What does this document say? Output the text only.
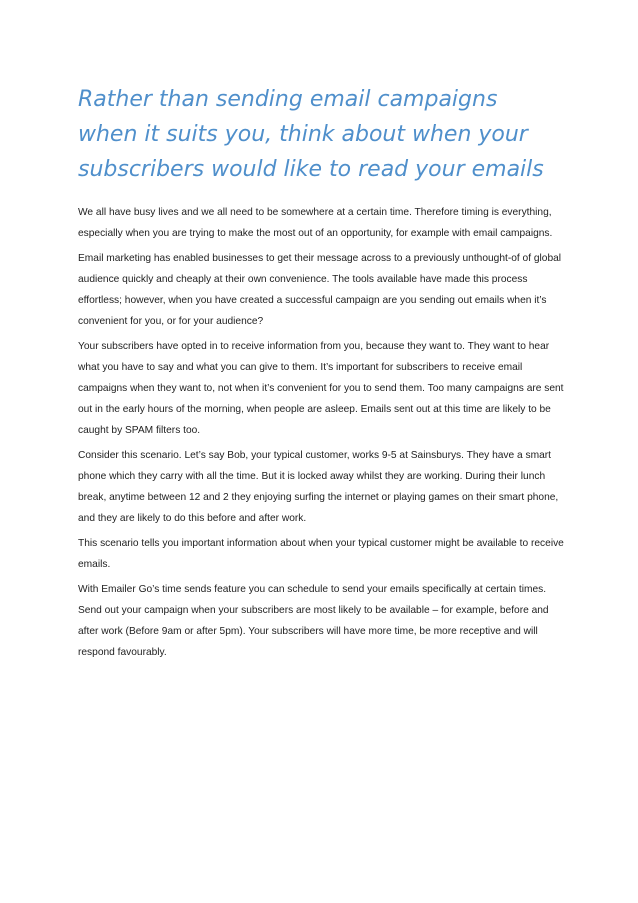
Rather than sending email campaigns when it suits you, think about when your subscribers would like to read your emails

We all have busy lives and we all need to be somewhere at a certain time. Therefore timing is everything, especially when you are trying to make the most out of an opportunity, for example with email campaigns.

Email marketing has enabled businesses to get their message across to a previously unthought-of of global audience quickly and cheaply at their own convenience. The tools available have made this process effortless; however, when you have created a successful campaign are you sending out emails when it’s convenient for you, or for your audience?

Your subscribers have opted in to receive information from you, because they want to. They want to hear what you have to say and what you can give to them. It’s important for subscribers to receive email campaigns when they want to, not when it’s convenient for you to send them. Too many campaigns are sent out in the early hours of the morning, when people are asleep. Emails sent out at this time are likely to be caught by SPAM filters too.

Consider this scenario. Let’s say Bob, your typical customer, works 9-5 at Sainsburys. They have a smart phone which they carry with all the time. But it is locked away whilst they are working. During their lunch break, anytime between 12 and 2 they enjoying surfing the internet or playing games on their smart phone, and they are likely to do this before and after work.

This scenario tells you important information about when your typical customer might be available to receive emails.

With Emailer Go’s time sends feature you can schedule to send your emails specifically at certain times. Send out your campaign when your subscribers are most likely to be available – for example, before and after work (Before 9am or after 5pm). Your subscribers will have more time, be more receptive and will respond favourably.
